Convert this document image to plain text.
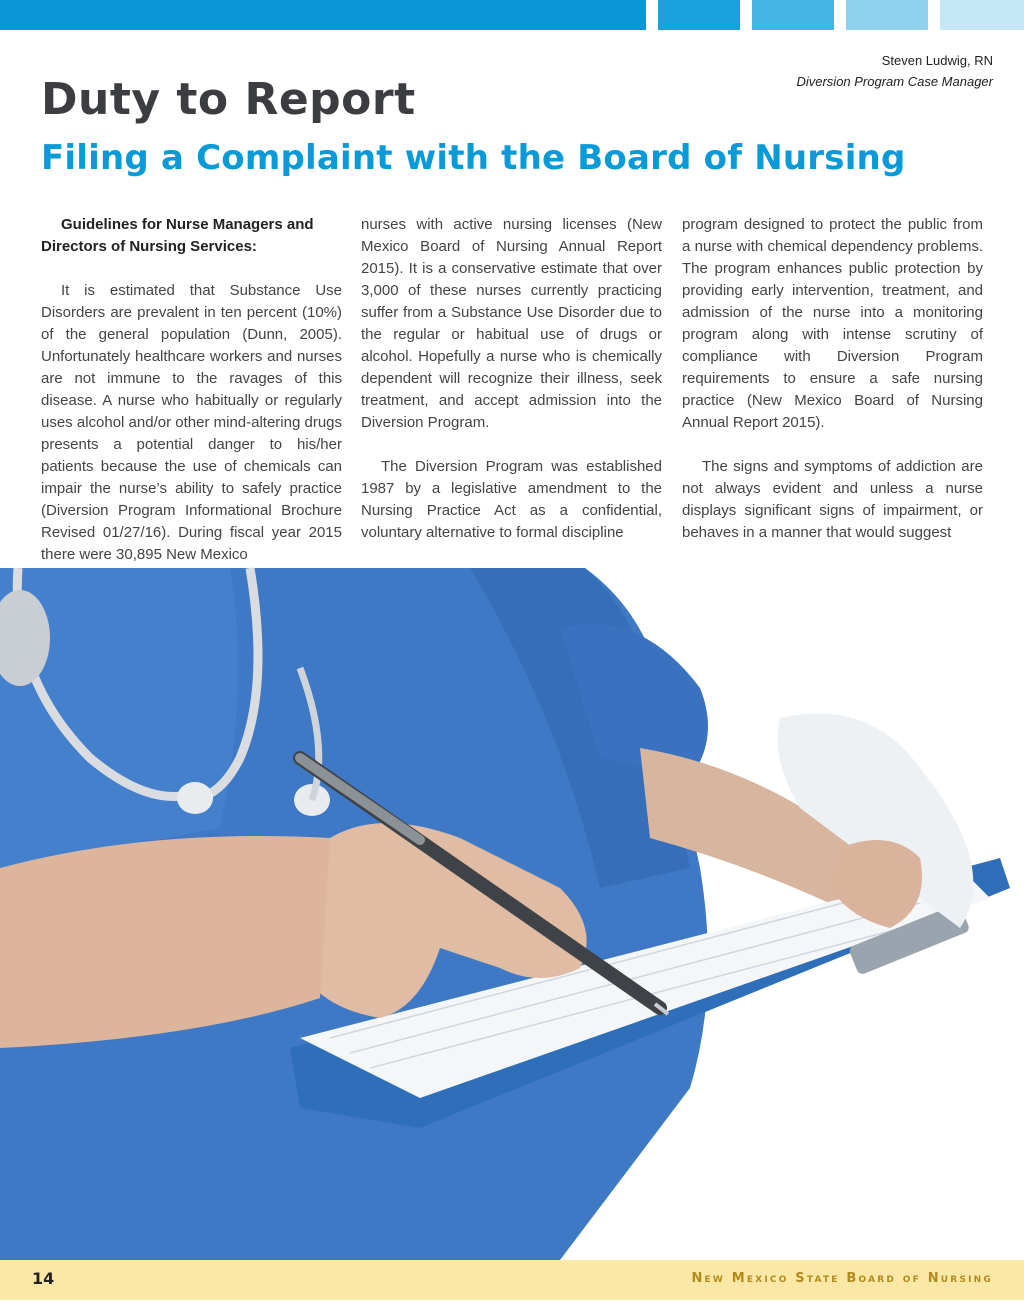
Steven Ludwig, RN
Diversion Program Case Manager
Duty to Report
Filing a Complaint with the Board of Nursing

Guidelines for Nurse Managers and Directors of Nursing Services:

It is estimated that Substance Use Disorders are prevalent in ten percent (10%) of the general population (Dunn, 2005). Unfortunately healthcare workers and nurses are not immune to the ravages of this disease. A nurse who habitually or regularly uses alcohol and/or other mind-altering drugs presents a potential danger to his/her patients because the use of chemicals can impair the nurse’s ability to safely practice (Diversion Program Informational Brochure Revised 01/27/16). During fiscal year 2015 there were 30,895 New Mexico

nurses with active nursing licenses (New Mexico Board of Nursing Annual Report 2015). It is a conservative estimate that over 3,000 of these nurses currently practicing suffer from a Substance Use Disorder due to the regular or habitual use of drugs or alcohol. Hopefully a nurse who is chemically dependent will recognize their illness, seek treatment, and accept admission into the Diversion Program.

The Diversion Program was established 1987 by a legislative amendment to the Nursing Practice Act as a confidential, voluntary alternative to formal discipline

program designed to protect the public from a nurse with chemical dependency problems. The program enhances public protection by providing early intervention, treatment, and admission of the nurse into a monitoring program along with intense scrutiny of compliance with Diversion Program requirements to ensure a safe nursing practice (New Mexico Board of Nursing Annual Report 2015).

The signs and symptoms of addiction are not always evident and unless a nurse displays significant signs of impairment, or behaves in a manner that would suggest

14	New Mexico State Board of Nursing
